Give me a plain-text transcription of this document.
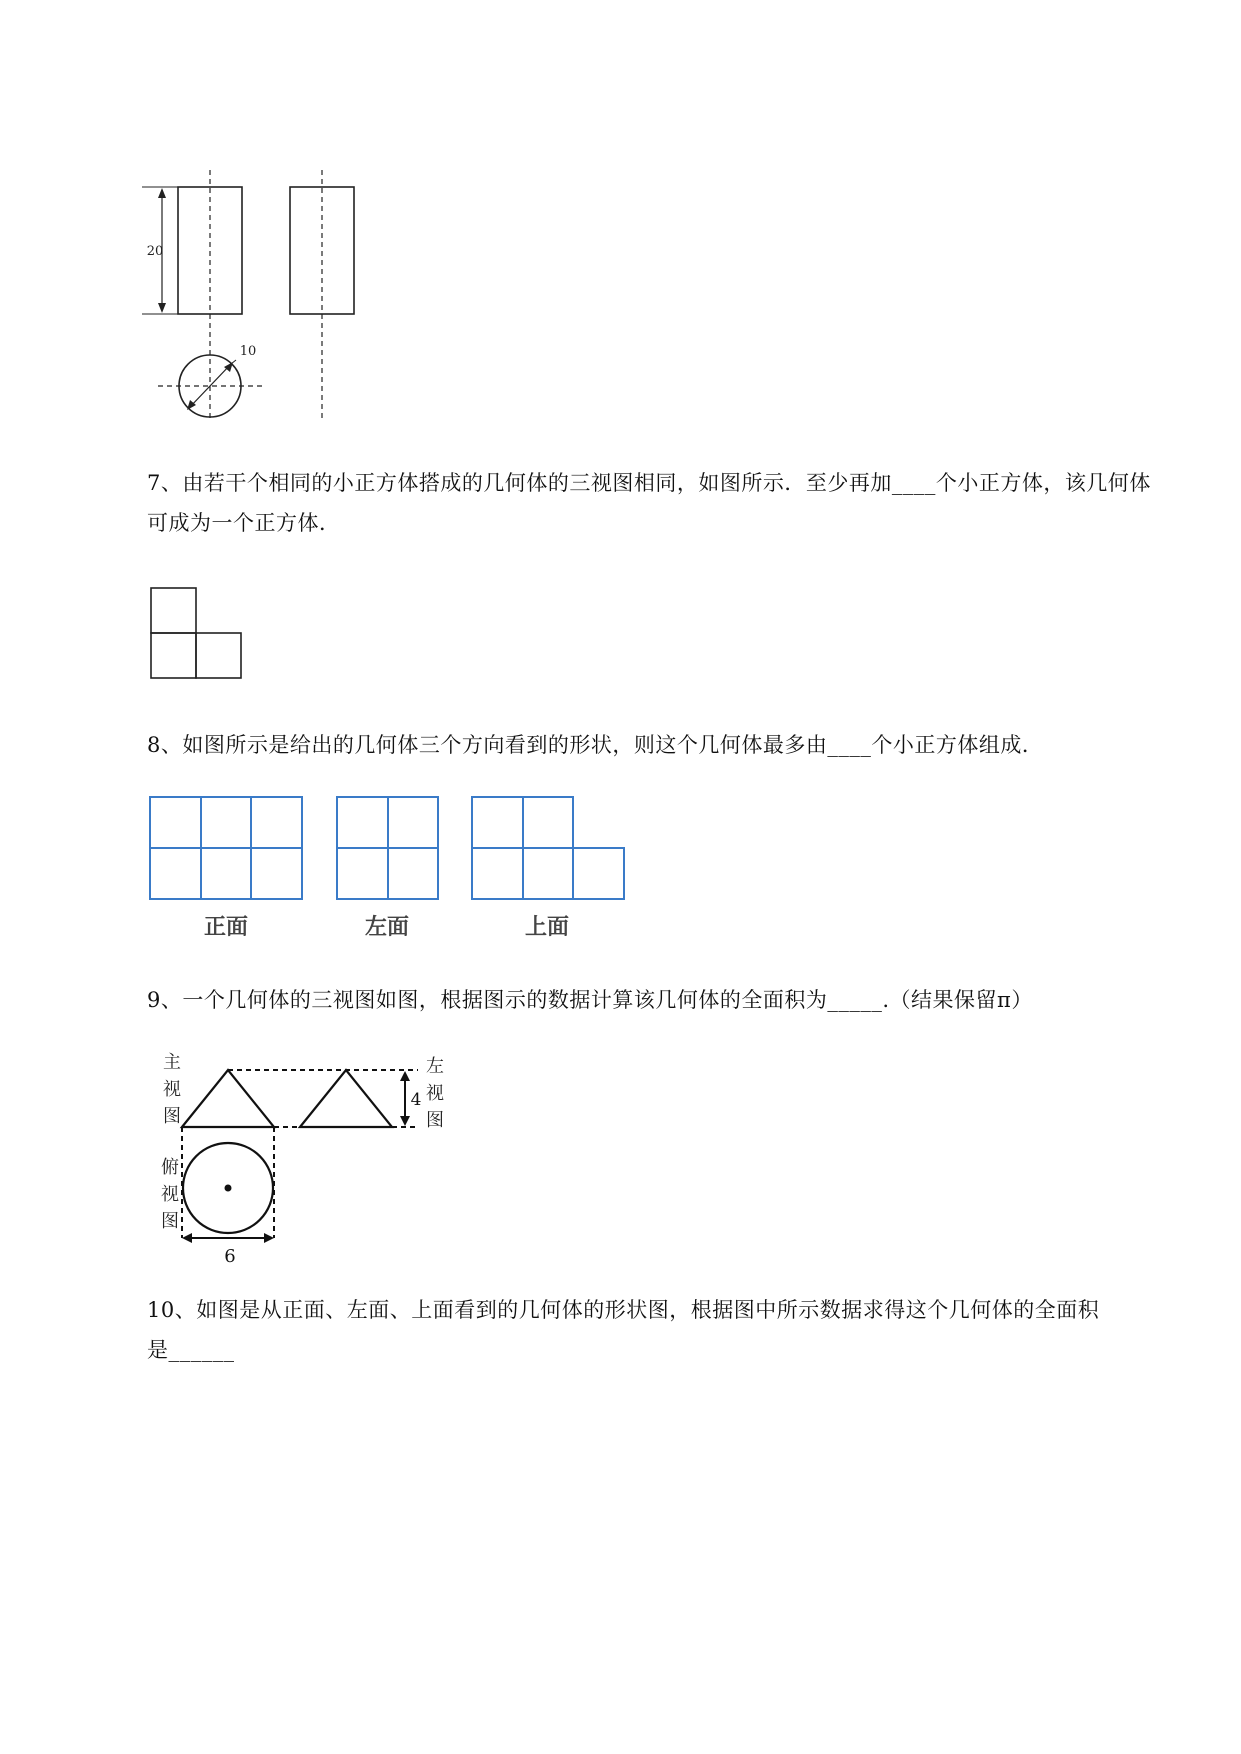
20
10
7、由若干个相同的小正方体搭成的几何体的三视图相同，如图所示．至少再加____个小正方体，该几何体可成为一个正方体．
8、如图所示是给出的几何体三个方向看到的形状，则这个几何体最多由____个小正方体组成．
正面	左面	上面
9、一个几何体的三视图如图，根据图示的数据计算该几何体的全面积为_____.（结果保留π）
主
视
图
左
视
图
俯
视
图
4
6
10、如图是从正面、左面、上面看到的几何体的形状图，根据图中所示数据求得这个几何体的全面积
是______
